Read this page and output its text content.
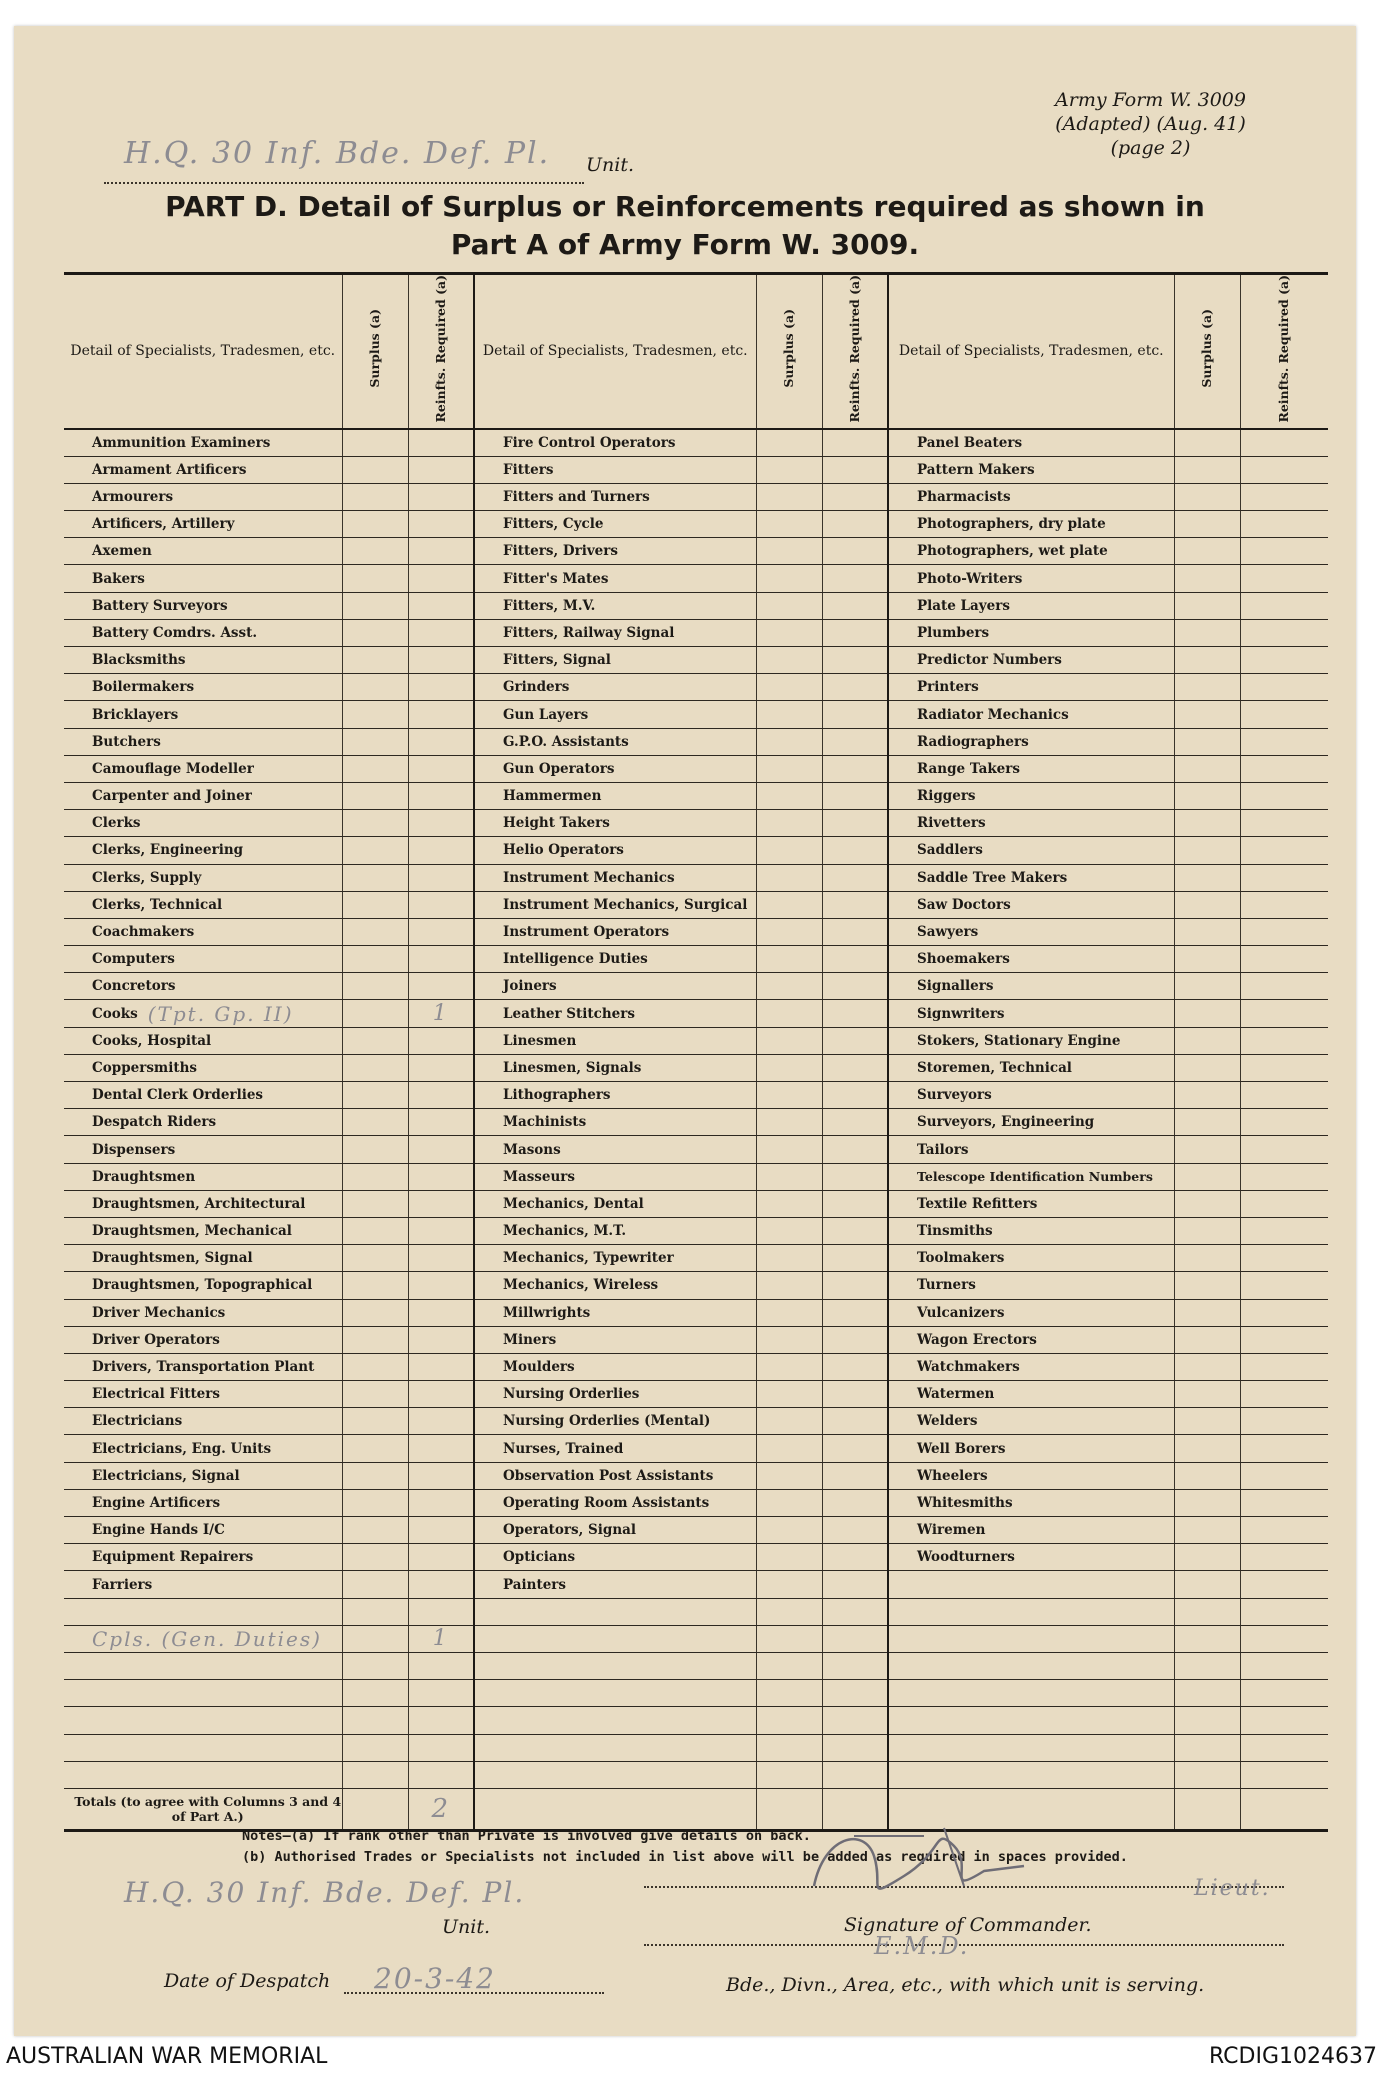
H.Q. 30 Inf. Bde. Def. Pl. Unit.
Army Form W. 3009
(Adapted) (Aug. 41)
(page 2)
PART D. Detail of Surplus or Reinforcements required as shown in
Part A of Army Form W. 3009.
Detail of Specialists, Tradesmen, etc.	Surplus (a)	Reinfts. Required (a)	Detail of Specialists, Tradesmen, etc.	Surplus (a)	Reinfts. Required (a)	Detail of Specialists, Tradesmen, etc.	Surplus (a)	Reinfts. Required (a)
Ammunition Examiners			Fire Control Operators			Panel Beaters		
Armament Artificers			Fitters			Pattern Makers		
Armourers			Fitters and Turners			Pharmacists		
Artificers, Artillery			Fitters, Cycle			Photographers, dry plate		
Axemen			Fitters, Drivers			Photographers, wet plate		
Bakers			Fitter's Mates			Photo-Writers		
Battery Surveyors			Fitters, M.V.			Plate Layers		
Battery Comdrs. Asst.			Fitters, Railway Signal			Plumbers		
Blacksmiths			Fitters, Signal			Predictor Numbers		
Boilermakers			Grinders			Printers		
Bricklayers			Gun Layers			Radiator Mechanics		
Butchers			G.P.O. Assistants			Radiographers		
Camouflage Modeller			Gun Operators			Range Takers		
Carpenter and Joiner			Hammermen			Riggers		
Clerks			Height Takers			Rivetters		
Clerks, Engineering			Helio Operators			Saddlers		
Clerks, Supply			Instrument Mechanics			Saddle Tree Makers		
Clerks, Technical			Instrument Mechanics, Surgical			Saw Doctors		
Coachmakers			Instrument Operators			Sawyers		
Computers			Intelligence Duties			Shoemakers		
Concretors			Joiners			Signallers		
Cooks (Tpt. Gp. II)		1	Leather Stitchers			Signwriters		
Cooks, Hospital			Linesmen			Stokers, Stationary Engine		
Coppersmiths			Linesmen, Signals			Storemen, Technical		
Dental Clerk Orderlies			Lithographers			Surveyors		
Despatch Riders			Machinists			Surveyors, Engineering		
Dispensers			Masons			Tailors		
Draughtsmen			Masseurs			Telescope Identification Numbers		
Draughtsmen, Architectural			Mechanics, Dental			Textile Refitters		
Draughtsmen, Mechanical			Mechanics, M.T.			Tinsmiths		
Draughtsmen, Signal			Mechanics, Typewriter			Toolmakers		
Draughtsmen, Topographical			Mechanics, Wireless			Turners		
Driver Mechanics			Millwrights			Vulcanizers		
Driver Operators			Miners			Wagon Erectors		
Drivers, Transportation Plant			Moulders			Watchmakers		
Electrical Fitters			Nursing Orderlies			Watermen		
Electricians			Nursing Orderlies (Mental)			Welders		
Electricians, Eng. Units			Nurses, Trained			Well Borers		
Electricians, Signal			Observation Post Assistants			Wheelers		
Engine Artificers			Operating Room Assistants			Whitesmiths		
Engine Hands I/C			Operators, Signal			Wiremen		
Equipment Repairers			Opticians			Woodturners		
Farriers			Painters					

Cpls. (Gen. Duties)		1						

Totals (to agree with Columns 3 and 4 of Part A.)		2						
Notes—(a) If rank other than Private is involved give details on back.
(b) Authorised Trades or Specialists not included in list above will be added as required in spaces provided.
H.Q. 30 Inf. Bde. Def. Pl.
Unit.
Lieut.
Signature of Commander.
Date of Despatch 20-3-42
E.M.D.
Bde., Divn., Area, etc., with which unit is serving.
AUSTRALIAN WAR MEMORIAL	RCDIG1024637
